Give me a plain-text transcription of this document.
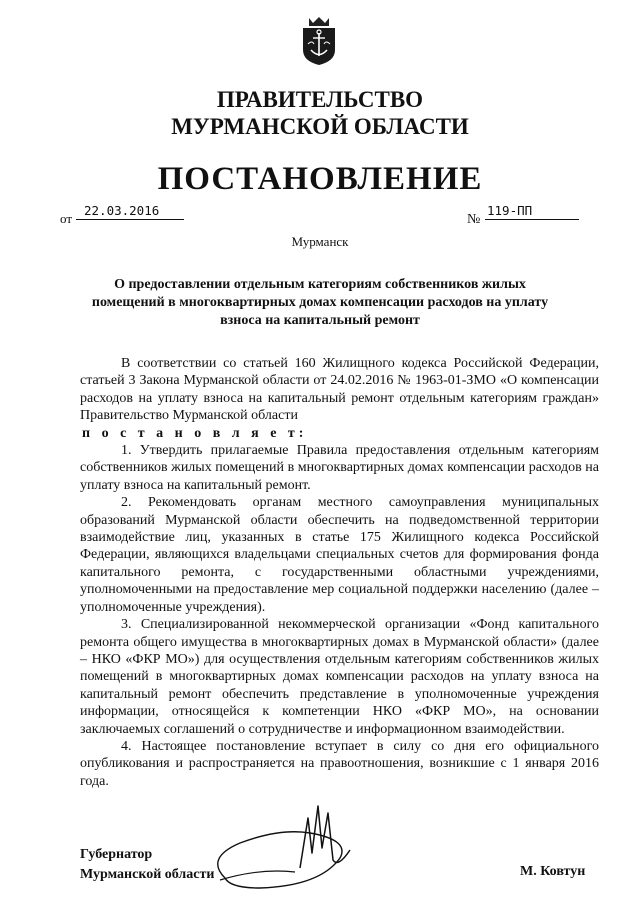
ПРАВИТЕЛЬСТВО
МУРМАНСКОЙ ОБЛАСТИ
ПОСТАНОВЛЕНИЕ
от
22.03.2016
№
119-ПП
Мурманск
О предоставлении отдельным категориям собственников жилых помещений в многоквартирных домах компенсации расходов на уплату взноса на капитальный ремонт

В соответствии со статьей 160 Жилищного кодекса Российской Федерации, статьей 3 Закона Мурманской области от 24.02.2016 № 1963-01-ЗМО «О компенсации расходов на уплату взноса на капитальный ремонт отдельным категориям граждан» Правительство Мурманской области

п о с т а н о в л я е т:

1. Утвердить прилагаемые Правила предоставления отдельным категориям собственников жилых помещений в многоквартирных домах компенсации расходов на уплату взноса на капитальный ремонт.

2. Рекомендовать органам местного самоуправления муниципальных образований Мурманской области обеспечить на подведомственной территории взаимодействие лиц, указанных в статье 175 Жилищного кодекса Российской Федерации, являющихся владельцами специальных счетов для формирования фонда капитального ремонта, с государственными областными учреждениями, уполномоченными на предоставление мер социальной поддержки населению (далее – уполномоченные учреждения).

3. Специализированной некоммерческой организации «Фонд капитального ремонта общего имущества в многоквартирных домах в Мурманской области» (далее – НКО «ФКР МО») для осуществления отдельным категориям собственников жилых помещений в многоквартирных домах компенсации расходов на уплату взноса на капитальный ремонт обеспечить представление в уполномоченные учреждения информации, относящейся к компетенции НКО «ФКР МО», на основании заключаемых соглашений о сотрудничестве и информационном взаимодействии.

4. Настоящее постановление вступает в силу со дня его официального опубликования и распространяется на правоотношения, возникшие с 1 января 2016 года.

Губернатор
Мурманской области	М. Ковтун
